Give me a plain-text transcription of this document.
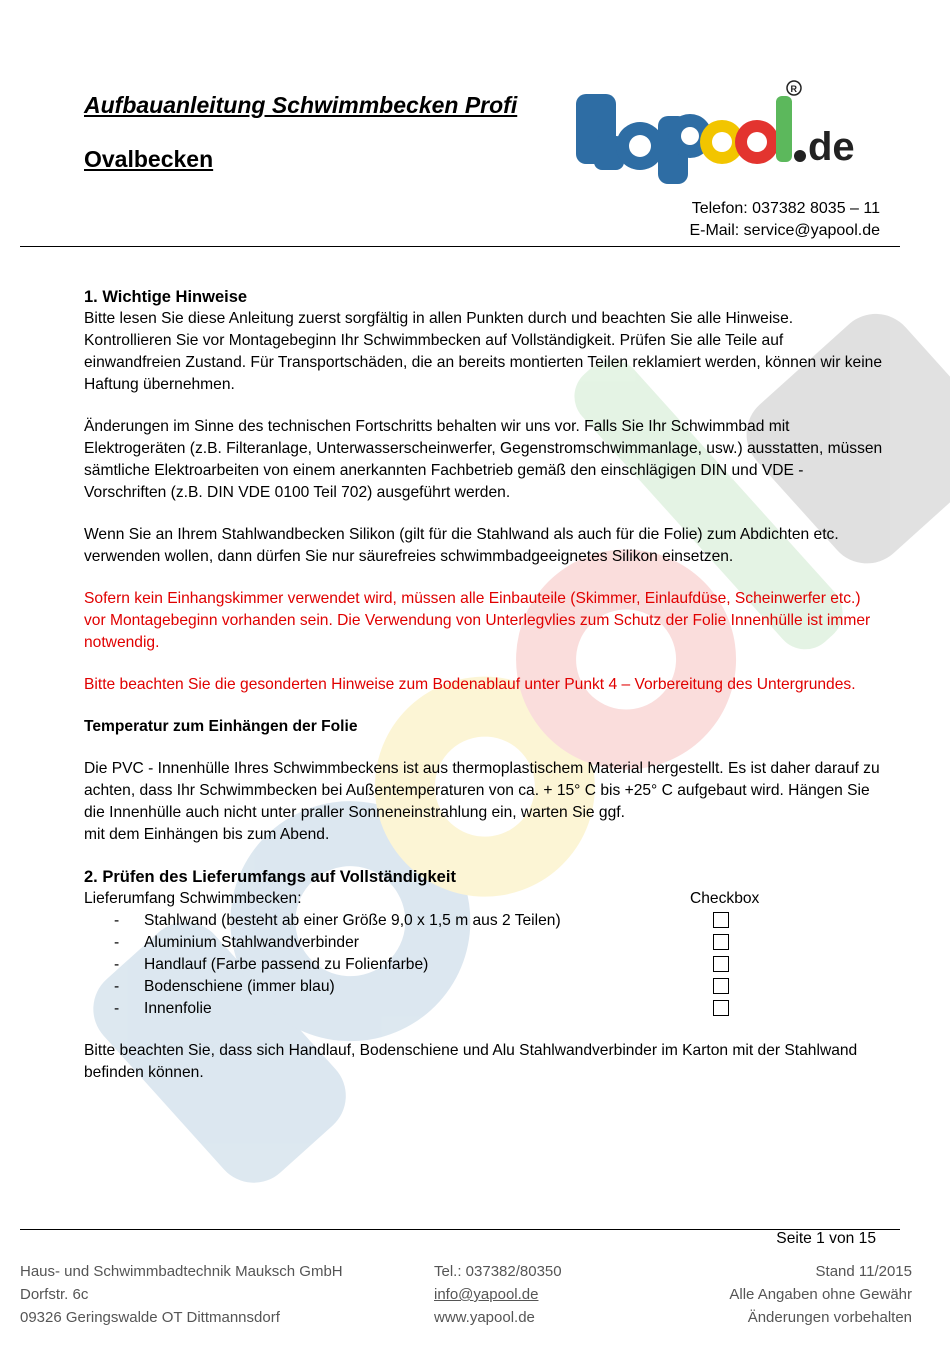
Aufbauanleitung Schwimmbecken Profi
Ovalbecken	de
R
Telefon: 037382 8035 – 11
E-Mail: service@yapool.de

1. Wichtige Hinweise

Bitte lesen Sie diese Anleitung zuerst sorgfältig in allen Punkten durch und beachten Sie alle Hinweise. Kontrollieren Sie vor Montagebeginn Ihr Schwimmbecken auf Vollständigkeit. Prüfen Sie alle Teile auf einwandfreien Zustand. Für Transportschäden, die an bereits montierten Teilen reklamiert werden, können wir keine Haftung übernehmen.

Änderungen im Sinne des technischen Fortschritts behalten wir uns vor. Falls Sie Ihr Schwimmbad mit Elektrogeräten (z.B. Filteranlage, Unterwasserscheinwerfer, Gegenstromschwimmanlage, usw.) ausstatten, müssen sämtliche Elektroarbeiten von einem anerkannten Fachbetrieb gemäß den einschlägigen DIN und VDE - Vorschriften (z.B. DIN VDE 0100 Teil 702) ausgeführt werden.

Wenn Sie an Ihrem Stahlwandbecken Silikon (gilt für die Stahlwand als auch für die Folie) zum Abdichten etc. verwenden wollen, dann dürfen Sie nur säurefreies schwimmbadgeeignetes Silikon einsetzen.

Sofern kein Einhangskimmer verwendet wird, müssen alle Einbauteile (Skimmer, Einlaufdüse, Scheinwerfer etc.) vor Montagebeginn vorhanden sein. Die Verwendung von Unterlegvlies zum Schutz der Folie Innenhülle ist immer notwendig.

Bitte beachten Sie die gesonderten Hinweise zum Bodenablauf unter Punkt 4 – Vorbereitung des Untergrundes.

Temperatur zum Einhängen der Folie

Die PVC - Innenhülle Ihres Schwimmbeckens ist aus thermoplastischem Material hergestellt. Es ist daher darauf zu achten, dass Ihr Schwimmbecken bei Außentemperaturen von ca. + 15° C bis +25° C aufgebaut wird. Hängen Sie die Innenhülle auch nicht unter praller Sonneneinstrahlung ein, warten Sie ggf.

mit dem Einhängen bis zum Abend.

2. Prüfen des Lieferumfangs auf Vollständigkeit

Lieferumfang Schwimmbecken:	Checkbox
- Stahlwand (besteht ab einer Größe 9,0 x 1,5 m aus 2 Teilen)
- Aluminium Stahlwandverbinder
- Handlauf (Farbe passend zu Folienfarbe)
- Bodenschiene (immer blau)
- Innenfolie

Bitte beachten Sie, dass sich Handlauf, Bodenschiene und Alu Stahlwandverbinder im Karton mit der Stahlwand befinden können.

Seite 1 von 15
Haus- und Schwimmbadtechnik Mauksch GmbH
Dorfstr. 6c
09326 Geringswalde OT Dittmannsdorf
Tel.: 037382/80350
info@yapool.de
www.yapool.de
Stand 11/2015
Alle Angaben ohne Gewähr
Änderungen vorbehalten
